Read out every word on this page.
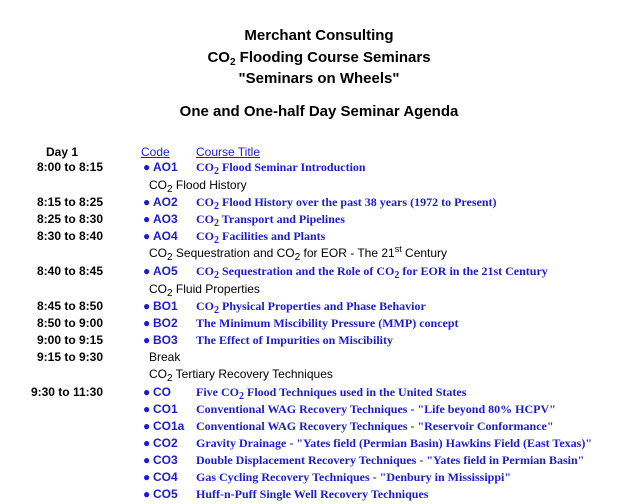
Merchant Consulting
$CO_2$ Flooding Course Seminars
"Seminars on Wheels"
One and One-half Day Seminar Agenda
Day 1	Code Course Title
8:00 to 8:15	● AO1 $CO_2$ Flood Seminar Introduction
$CO_2$ Flood History
8:15 to 8:25	● AO2 $CO_2$ Flood History over the past 38 years (1972 to Present)
8:25 to 8:30	● AO3 $CO_2$ Transport and Pipelines
8:30 to 8:40	● AO4 $CO_2$ Facilities and Plants
$CO_2$ Sequestration and $CO_2$ for EOR - The 21st Century
8:40 to 8:45	● AO5 $CO_2$ Sequestration and the Role of $CO_2$ for EOR in the 21st Century
$CO_2$ Fluid Properties
8:45 to 8:50	● BO1 $CO_2$ Physical Properties and Phase Behavior
8:50 to 9:00	● BO2 The Minimum Miscibility Pressure (MMP) concept
9:00 to 9:15	● BO3 The Effect of Impurities on Miscibility
9:15 to 9:30	Break
$CO_2$ Tertiary Recovery Techniques
9:30 to 11:30	● CO Five $CO_2$ Flood Techniques used in the United States
● CO1 Conventional WAG Recovery Techniques - "Life beyond 80% HCPV"
● CO1a Conventional WAG Recovery Techniques - "Reservoir Conformance"
● CO2 Gravity Drainage - "Yates field (Permian Basin) Hawkins Field (East Texas)"
● CO3 Double Displacement Recovery Techniques - "Yates field in Permian Basin"
● CO4 Gas Cycling Recovery Techniques - "Denbury in Mississippi"
● CO5 Huff-n-Puff Single Well Recovery Techniques
